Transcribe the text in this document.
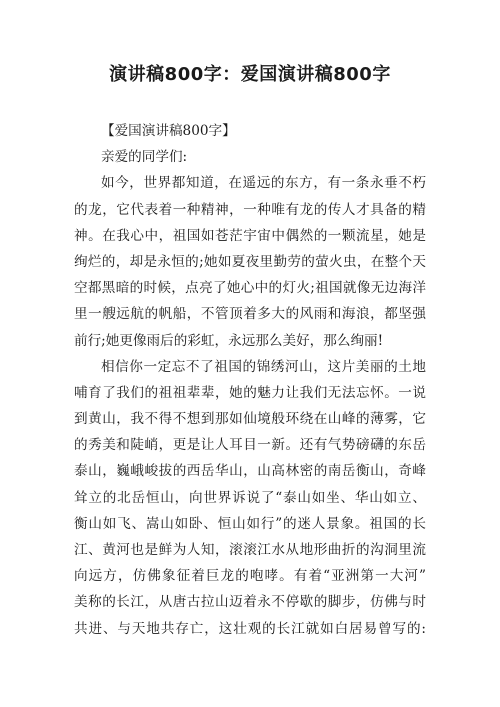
演讲稿800字：爱国演讲稿800字
【爱国演讲稿800字】
亲爱的同学们:
如今，世界都知道，在遥远的东方，有一条永垂不朽
的龙，它代表着一种精神，一种唯有龙的传人才具备的精
神。在我心中，祖国如苍茫宇宙中偶然的一颗流星，她是
绚烂的，却是永恒的;她如夏夜里勤劳的萤火虫，在整个天
空都黑暗的时候，点亮了她心中的灯火;祖国就像无边海洋
里一艘远航的帆船，不管顶着多大的风雨和海浪，都坚强
前行;她更像雨后的彩虹，永远那么美好，那么绚丽!
相信你一定忘不了祖国的锦绣河山，这片美丽的土地
哺育了我们的祖祖辈辈，她的魅力让我们无法忘怀。一说
到黄山，我不得不想到那如仙境般环绕在山峰的薄雾，它
的秀美和陡峭，更是让人耳目一新。还有气势磅礴的东岳
泰山，巍峨峻拔的西岳华山，山高林密的南岳衡山，奇峰
耸立的北岳恒山，向世界诉说了“泰山如坐、华山如立、
衡山如飞、嵩山如卧、恒山如行”的迷人景象。祖国的长
江、黄河也是鲜为人知，滚滚江水从地形曲折的沟洞里流
向远方，仿佛象征着巨龙的咆哮。有着“亚洲第一大河”
美称的长江，从唐古拉山迈着永不停歇的脚步，仿佛与时
共进、与天地共存亡，这壮观的长江就如白居易曾写的:
